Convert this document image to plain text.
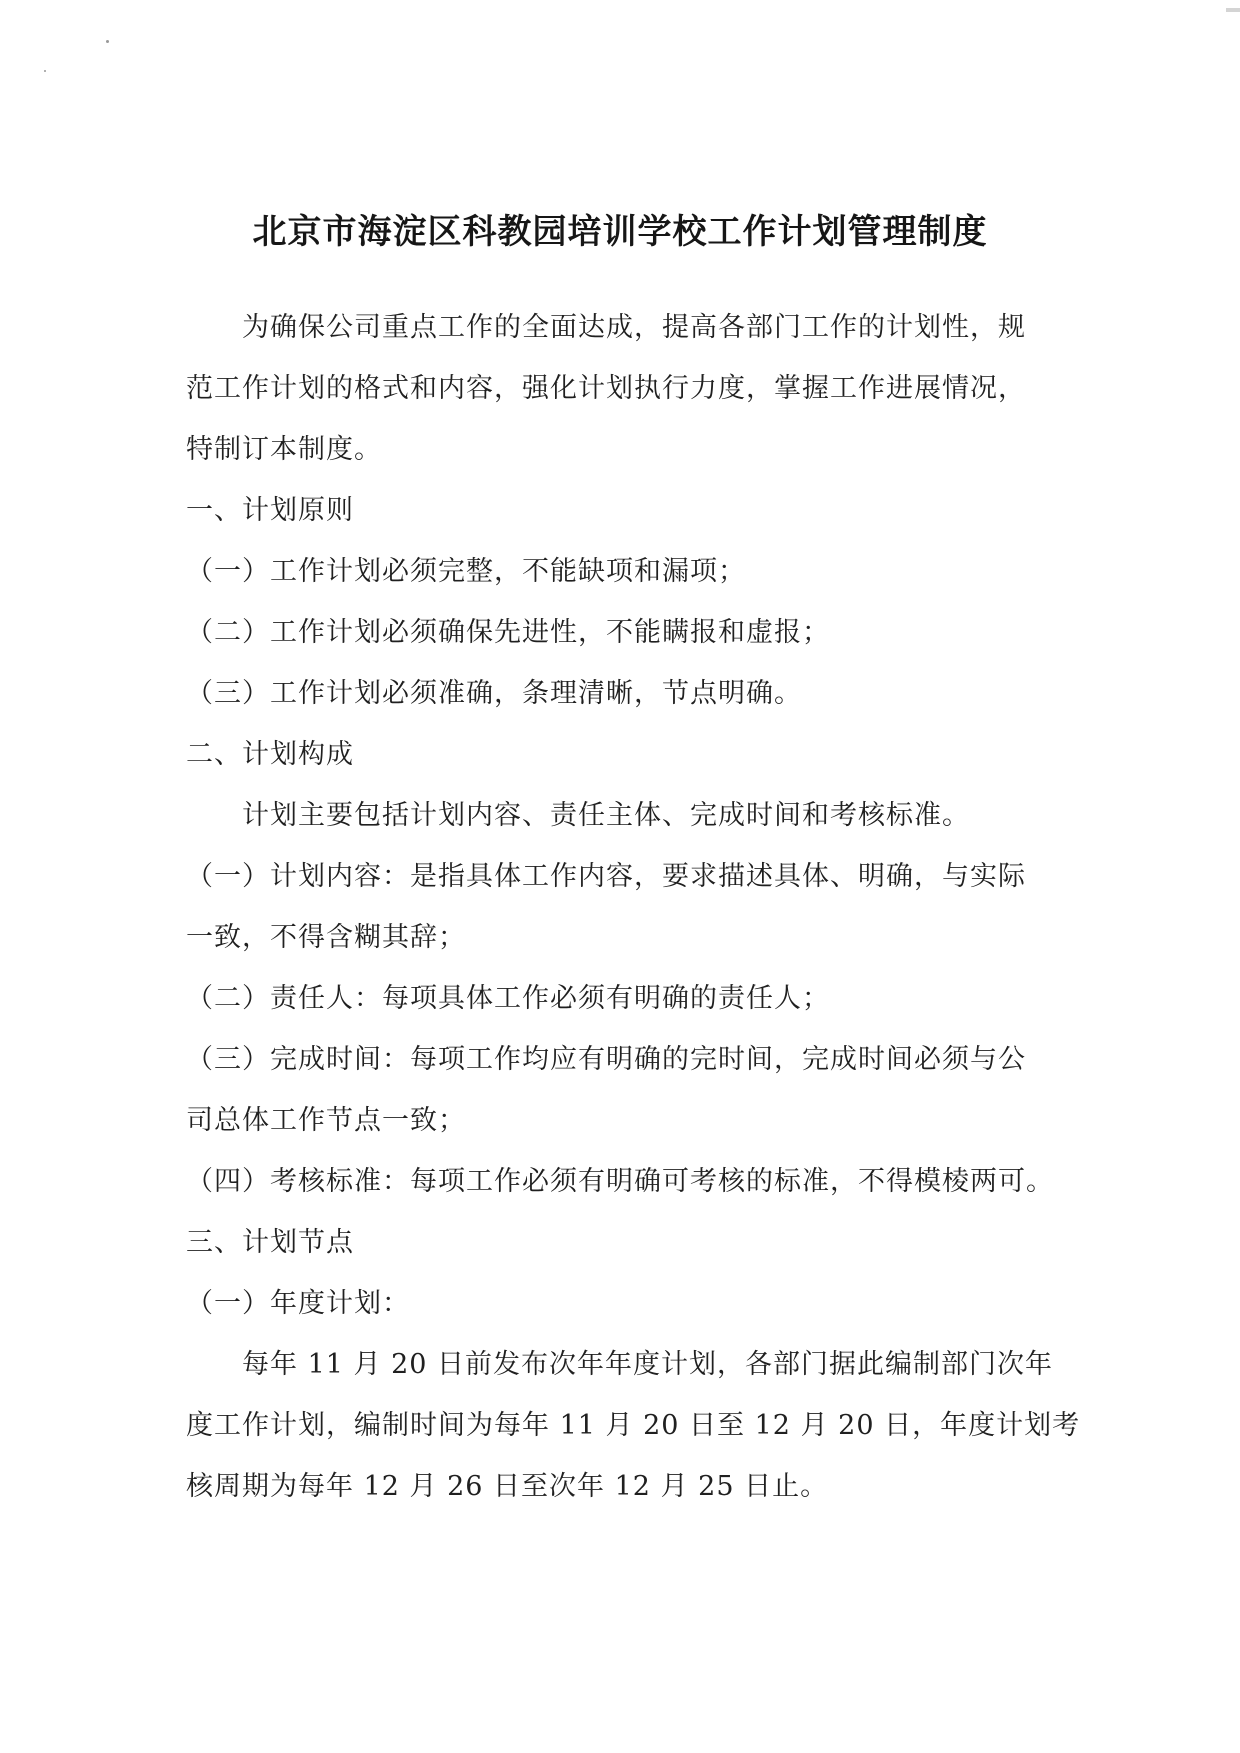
北京市海淀区科教园培训学校工作计划管理制度
为确保公司重点工作的全面达成，提高各部门工作的计划性，规
范工作计划的格式和内容，强化计划执行力度，掌握工作进展情况，
特制订本制度。
一、计划原则
（一）工作计划必须完整，不能缺项和漏项；
（二）工作计划必须确保先进性，不能瞒报和虚报；
（三）工作计划必须准确，条理清晰，节点明确。
二、计划构成
计划主要包括计划内容、责任主体、完成时间和考核标准。
（一）计划内容：是指具体工作内容，要求描述具体、明确，与实际
一致，不得含糊其辞；
（二）责任人：每项具体工作必须有明确的责任人；
（三）完成时间：每项工作均应有明确的完时间，完成时间必须与公
司总体工作节点一致；
（四）考核标准：每项工作必须有明确可考核的标准，不得模棱两可。
三、计划节点
（一）年度计划：
每年 11 月 20 日前发布次年年度计划，各部门据此编制部门次年
度工作计划，编制时间为每年 11 月 20 日至 12 月 20 日，年度计划考
核周期为每年 12 月 26 日至次年 12 月 25 日止。
